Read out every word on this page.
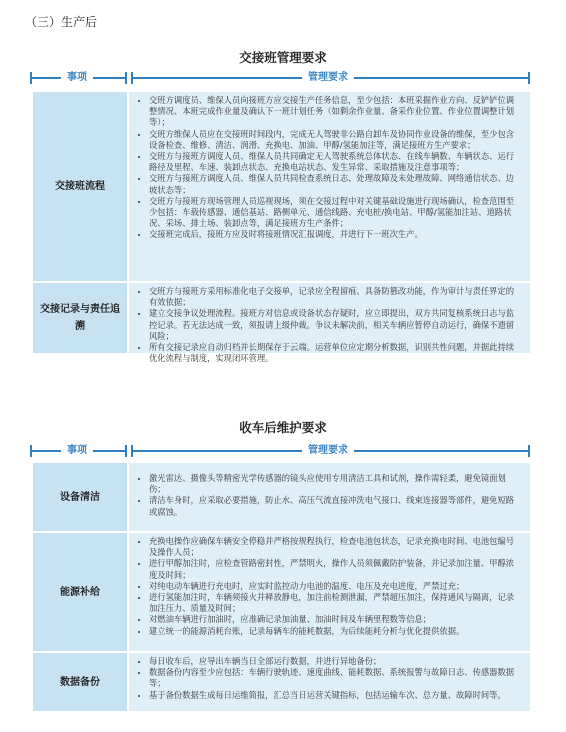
（三）生产后
交接班管理要求
事项	管理要求
交接班流程
• 交班方调度员、维保人员向接班方应交接生产任务信息，至少包括：本班采掘作业方向、反铲铲位调整情况、本班完成作业量及确认下一班计划任务（如剩余作业量、备采作业位置、作业位置调整计划等）；
• 交班方维保人员应在交接班时间段内，完成无人驾驶非公路自卸车及协同作业设备的维保，至少包含设备检查、维修、清洁、润滑、充换电、加油、甲醇/氢能加注等，满足接班方生产要求；
• 交班方与接班方调度人员、维保人员共同确定无人驾驶系统总体状态、在线车辆数、车辆状态、运行路径及里程、车速、装卸点状态、充换电站状态、发生异常、采取措施及注意事项等；
• 交班方与接班方调度人员、维保人员共同检查系统日志、处理故障及未处理故障、网络通信状态、边坡状态等；
• 交班方与接班方现场管理人员巡视现场，须在交接过程中对关键基础设施进行现场确认，检查范围至少包括：车载传感器、通信基站、路侧单元、通信线路、充电桩/换电站、甲醇/氢能加注站、道路状况、采场、排土场、装卸点等，满足接班方生产条件；
• 交接班完成后，接班方应及时将接班情况汇报调度，并进行下一班次生产。
交接记录与责任追溯
• 交班方与接班方采用标准化电子交接单，记录应全程留痕、具备防篡改功能，作为审计与责任界定的有效依据；
• 建立交接争议处理流程。接班方对信息或设备状态存疑时，应立即提出，双方共同复核系统日志与监控记录。若无法达成一致，须报请上级仲裁。争议未解决前，相关车辆应暂停自动运行，确保不遗留风险；
• 所有交接记录应自动归档并长期保存于云端。运营单位应定期分析数据，识别共性问题，并据此持续优化流程与制度，实现闭环管理。
收车后维护要求
事项	管理要求
设备清洁
• 激光雷达、摄像头等精密光学传感器的镜头应使用专用清洁工具和试剂，操作需轻柔，避免镜面划伤；
• 清洁车身时，应采取必要措施，防止水、高压气流直接冲洗电气接口、线束连接器等部件，避免短路或腐蚀。
能源补给
• 充换电操作应确保车辆安全停稳并严格按规程执行，检查电池包状态，记录充换电时间、电池包编号及操作人员；
• 进行甲醇加注时，应检查管路密封性，严禁明火，操作人员须佩戴防护装备，并记录加注量、甲醇浓度及时间；
• 对纯电动车辆进行充电时，应实时监控动力电池的温度、电压及充电进度，严禁过充；
• 进行氢能加注时，车辆须接火并释放静电，加注前检测泄漏，严禁超压加注，保持通风与隔离，记录加注压力、质量及时间；
• 对燃油车辆进行加油时，应准确记录加油量、加油时间及车辆里程数等信息；
• 建立统一的能源消耗台账，记录每辆车的能耗数据，为后续能耗分析与优化提供依据。
数据备份
• 每日收车后，应导出车辆当日全部运行数据，并进行异地备份；
• 数据备份内容至少应包括：车辆行驶轨迹、速度曲线、能耗数据、系统报警与故障日志、传感器数据等；
• 基于备份数据生成每日运维简报，汇总当日运营关键指标，包括运输车次、总方量、故障时间等。
